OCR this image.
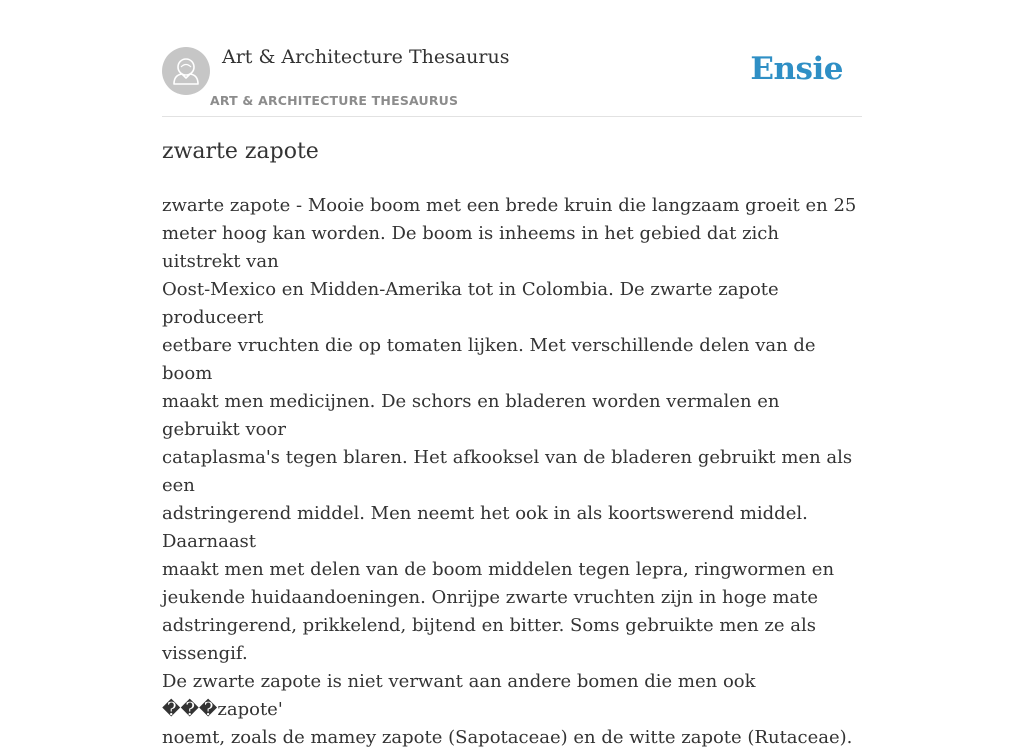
Art & Architecture Thesaurus
ART & ARCHITECTURE THESAURUS
Ensie
zwarte zapote

zwarte zapote - Mooie boom met een brede kruin die langzaam groeit en 25
meter hoog kan worden. De boom is inheems in het gebied dat zich uitstrekt van
Oost-Mexico en Midden-Amerika tot in Colombia. De zwarte zapote produceert
eetbare vruchten die op tomaten lijken. Met verschillende delen van de boom
maakt men medicijnen. De schors en bladeren worden vermalen en gebruikt voor
cataplasma's tegen blaren. Het afkooksel van de bladeren gebruikt men als een
adstringerend middel. Men neemt het ook in als koortswerend middel. Daarnaast
maakt men met delen van de boom middelen tegen lepra, ringwormen en
jeukende huidaandoeningen. Onrijpe zwarte vruchten zijn in hoge mate
adstringerend, prikkelend, bijtend en bitter. Soms gebruikte men ze als vissengif.
De zwarte zapote is niet verwant aan andere bomen die men ook ���zapote'
noemt, zoals de mamey zapote (Sapotaceae) en de witte zapote (Rutaceae).
